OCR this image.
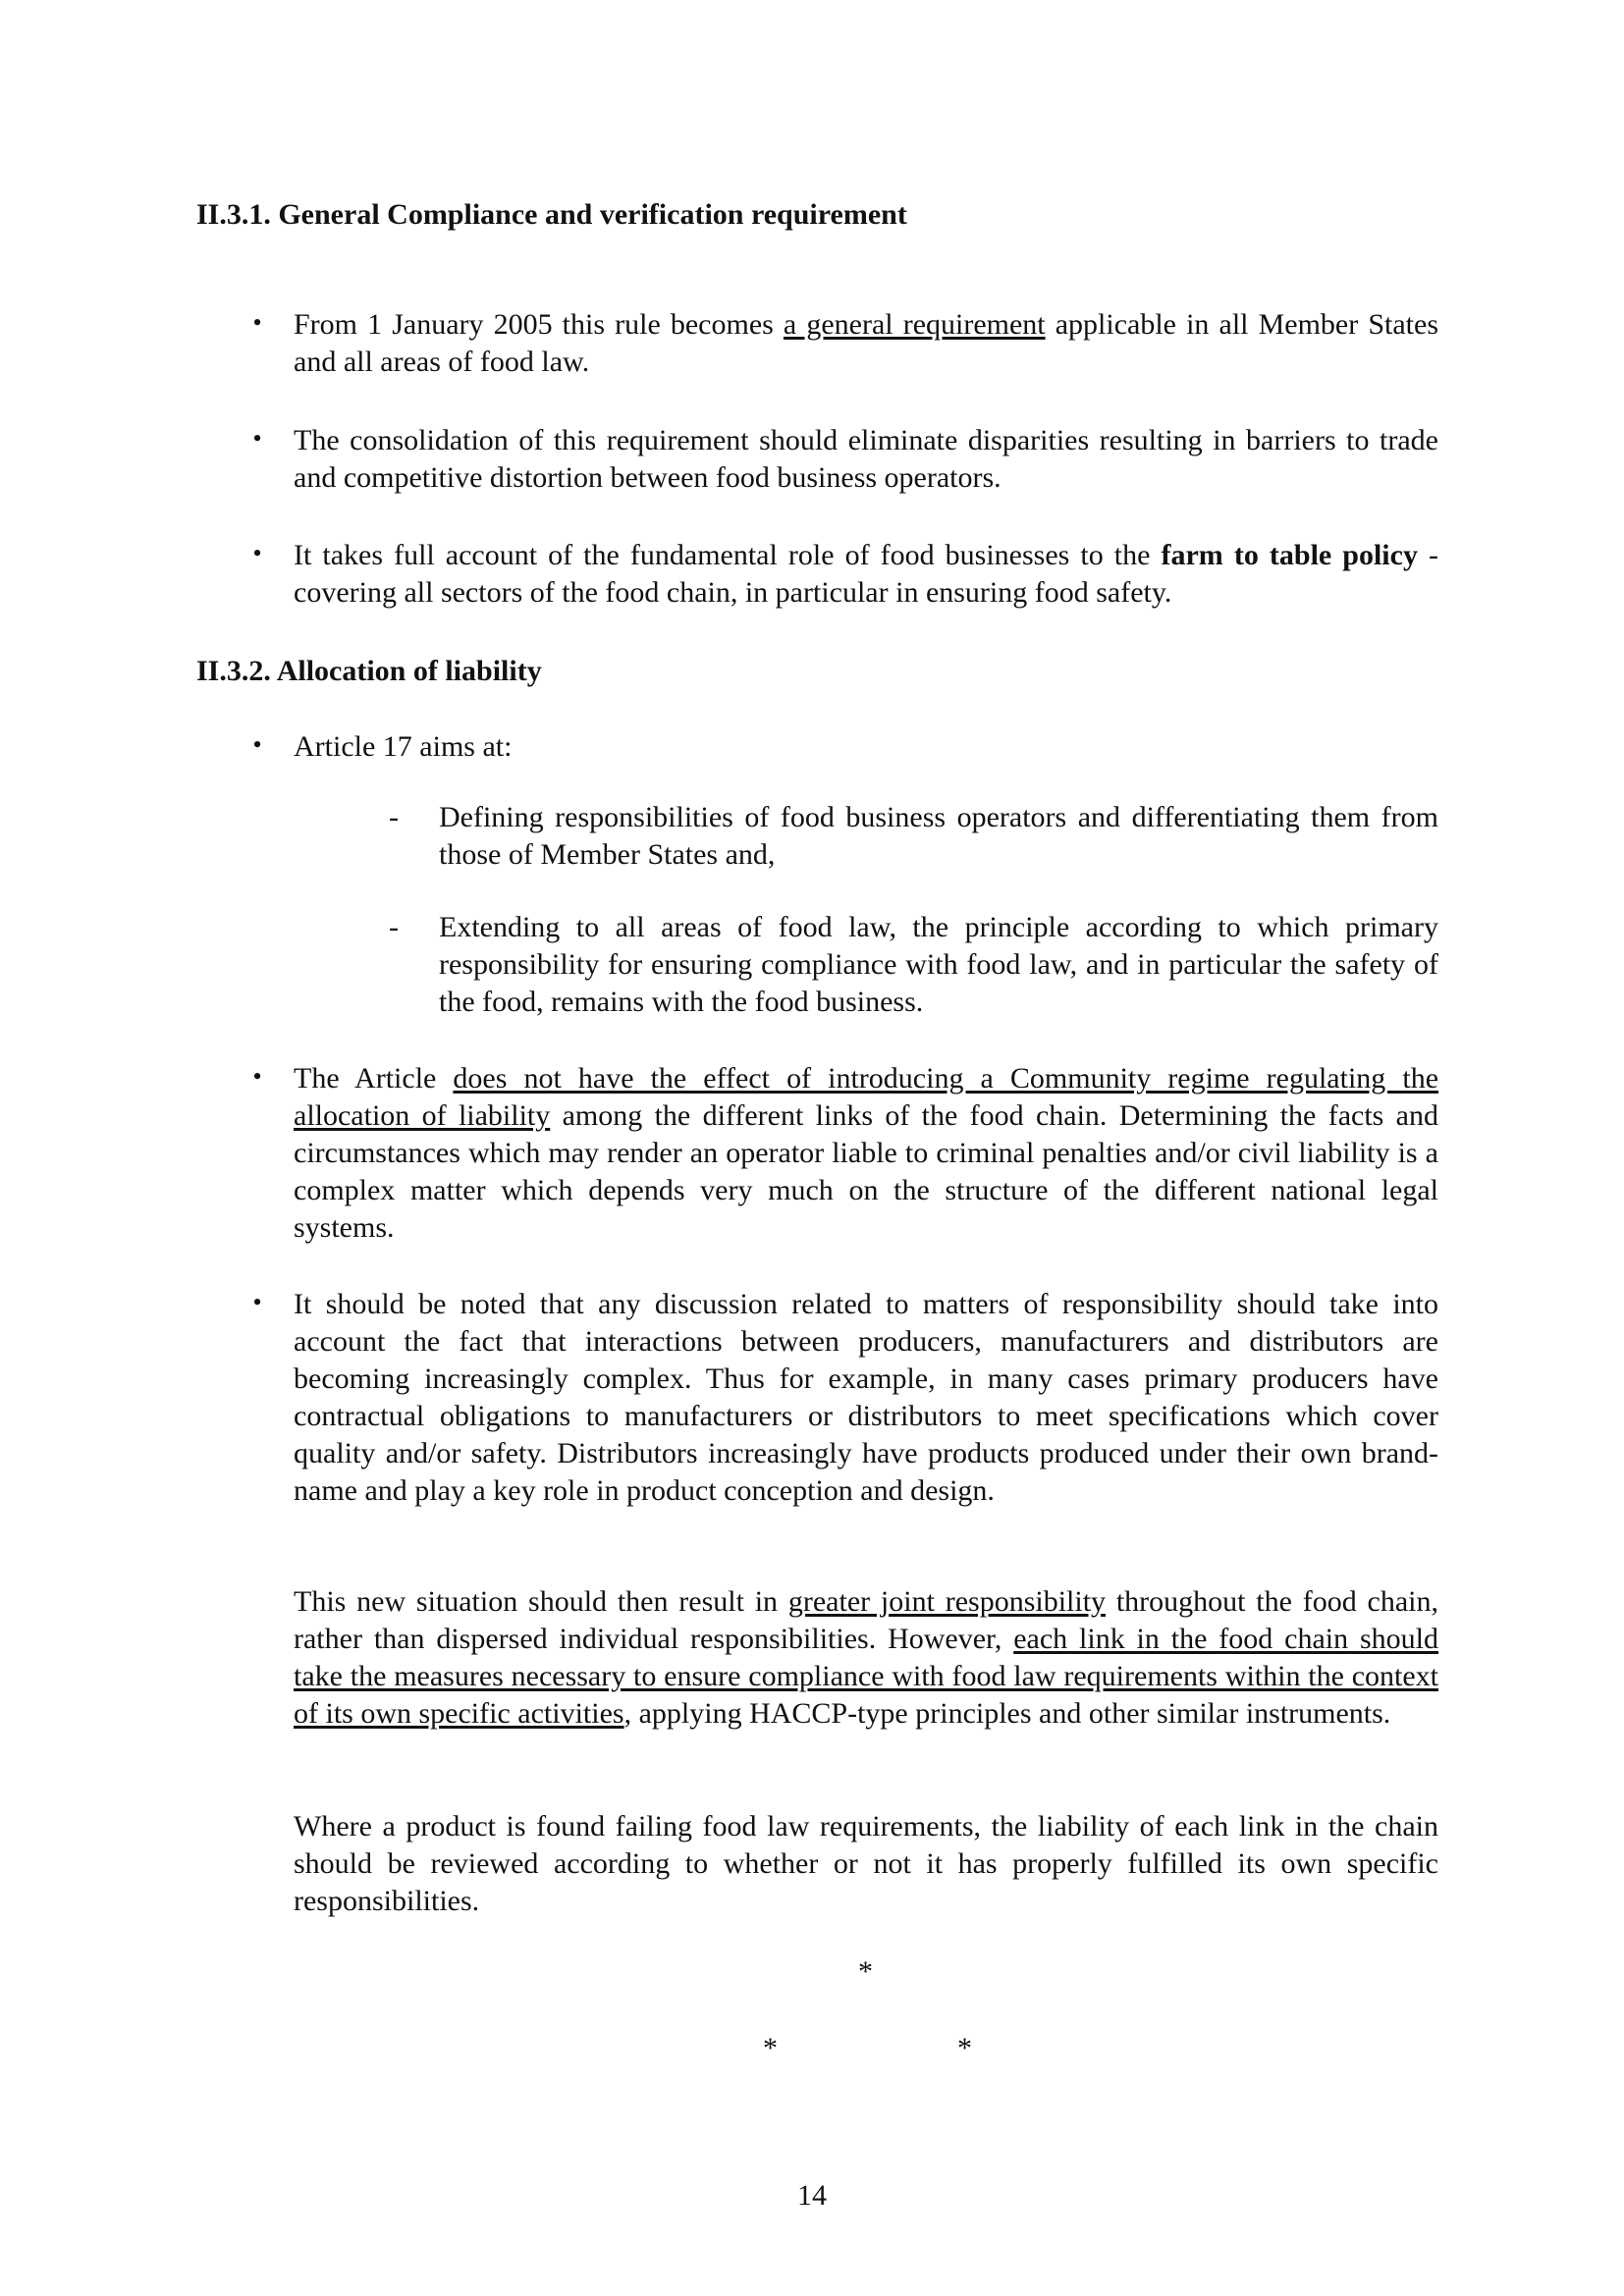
II.3.1. General Compliance and verification requirement
• From 1 January 2005 this rule becomes a general requirement applicable in all Member States and all areas of food law.
• The consolidation of this requirement should eliminate disparities resulting in barriers to trade and competitive distortion between food business operators.
• It takes full account of the fundamental role of food businesses to the farm to table policy - covering all sectors of the food chain, in particular in ensuring food safety.
II.3.2. Allocation of liability
• Article 17 aims at:
-	Defining responsibilities of food business operators and differentiating them from those of Member States and,
-	Extending to all areas of food law, the principle according to which primary responsibility for ensuring compliance with food law, and in particular the safety of the food, remains with the food business.
• The Article does not have the effect of introducing a Community regime regulating the allocation of liability among the different links of the food chain. Determining the facts and circumstances which may render an operator liable to criminal penalties and/or civil liability is a complex matter which depends very much on the structure of the different national legal systems.
• It should be noted that any discussion related to matters of responsibility should take into account the fact that interactions between producers, manufacturers and distributors are becoming increasingly complex. Thus for example, in many cases primary producers have contractual obligations to manufacturers or distributors to meet specifications which cover quality and/or safety. Distributors increasingly have products produced under their own brand-name and play a key role in product conception and design.
This new situation should then result in greater joint responsibility throughout the food chain, rather than dispersed individual responsibilities. However, each link in the food chain should take the measures necessary to ensure compliance with food law requirements within the context of its own specific activities, applying HACCP-type principles and other similar instruments.
Where a product is found failing food law requirements, the liability of each link in the chain should be reviewed according to whether or not it has properly fulfilled its own specific responsibilities.
*
*	*
14
